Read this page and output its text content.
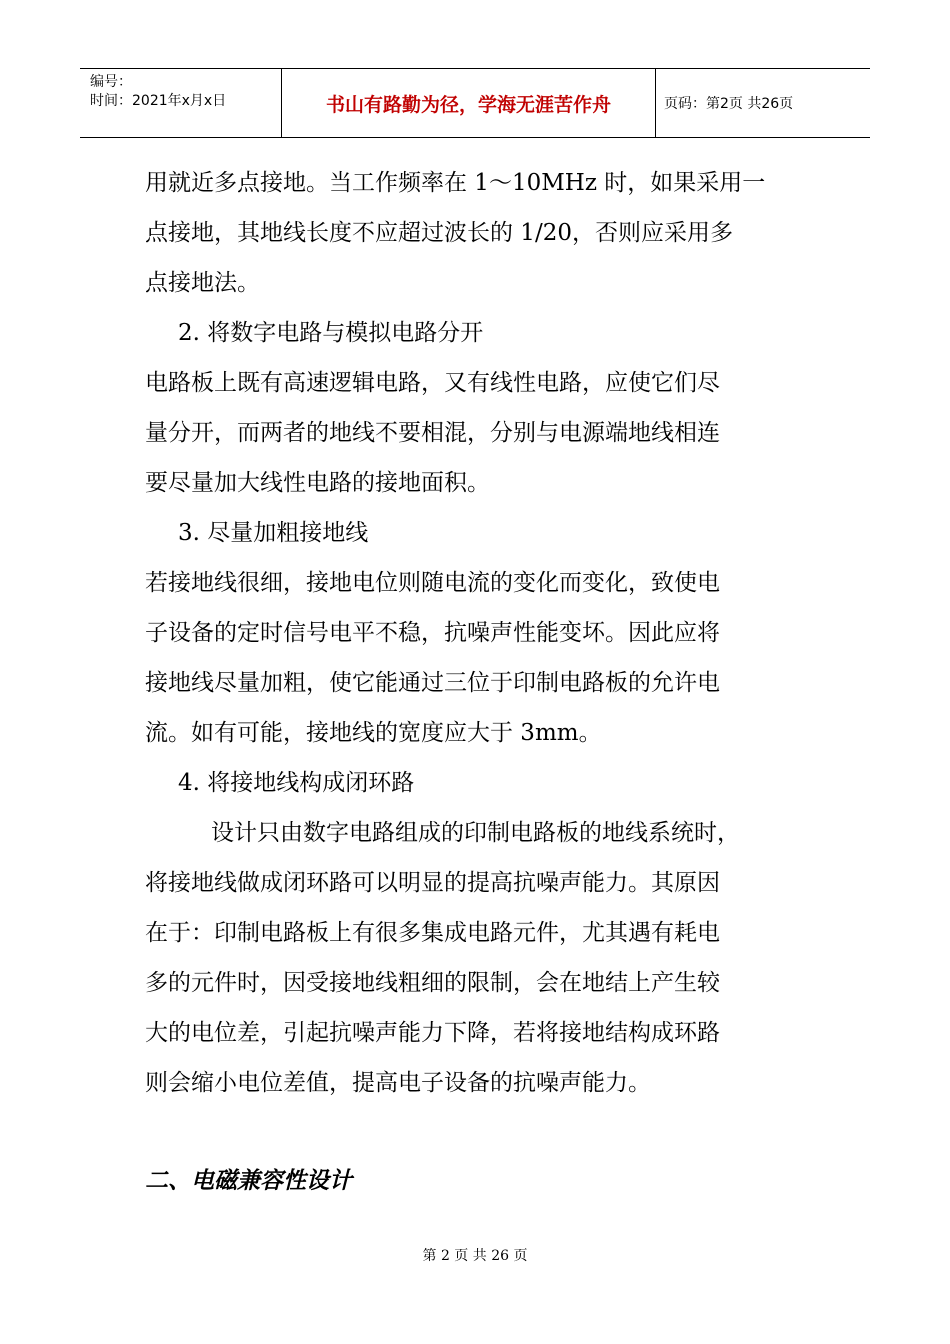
编号：
时间：2021年x月x日	书山有路勤为径，学海无涯苦作舟	页码：第2页 共26页

用就近多点接地。当工作频率在 1～10MHz 时，如果采用一

点接地，其地线长度不应超过波长的 1/20，否则应采用多

点接地法。

2. 将数字电路与模拟电路分开

电路板上既有高速逻辑电路，又有线性电路，应使它们尽

量分开，而两者的地线不要相混，分别与电源端地线相连

要尽量加大线性电路的接地面积。

3. 尽量加粗接地线

若接地线很细，接地电位则随电流的变化而变化，致使电

子设备的定时信号电平不稳，抗噪声性能变坏。因此应将

接地线尽量加粗，使它能通过三位于印制电路板的允许电

流。如有可能，接地线的宽度应大于 3mm。

4. 将接地线构成闭环路

设计只由数字电路组成的印制电路板的地线系统时，

将接地线做成闭环路可以明显的提高抗噪声能力。其原因

在于：印制电路板上有很多集成电路元件，尤其遇有耗电

多的元件时，因受接地线粗细的限制，会在地结上产生较

大的电位差，引起抗噪声能力下降，若将接地结构成环路

则会缩小电位差值，提高电子设备的抗噪声能力。

二、电磁兼容性设计
第 2 页 共 26 页
